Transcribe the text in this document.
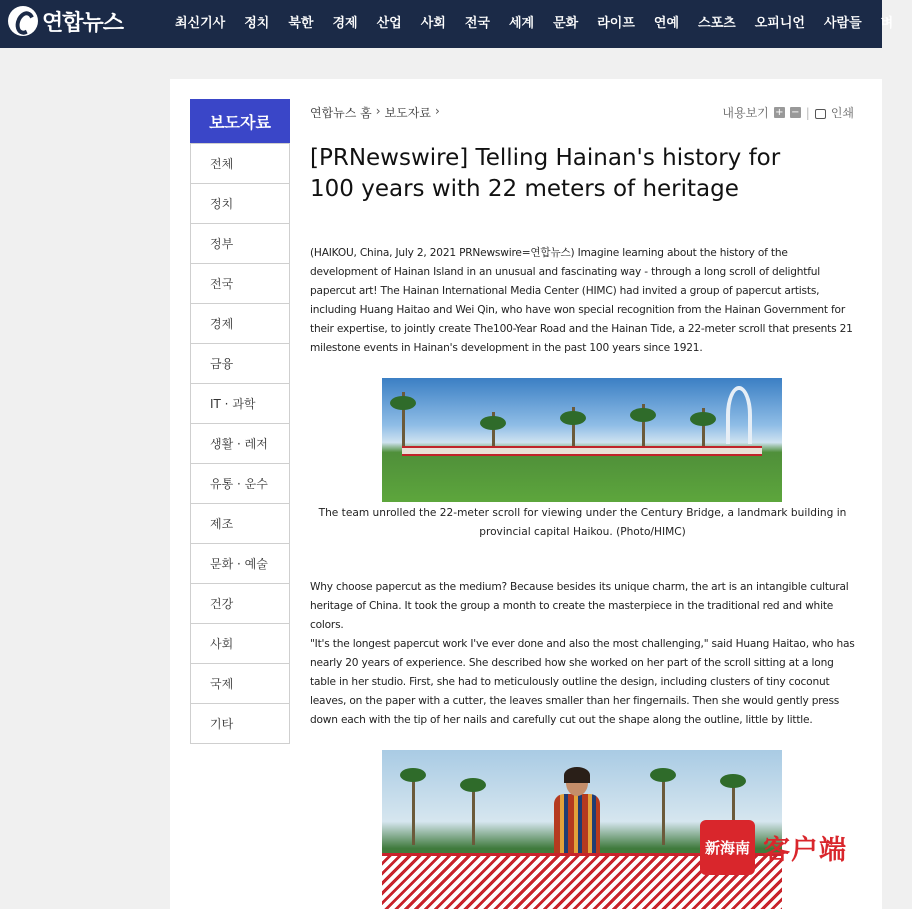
연합뉴스	최신기사 정치 북한 경제 산업 사회 전국 세계 문화 라이프 연예 스포츠 오피니언 사람들 벼
보도자료
전체
정치
정부
전국
경제
금융
IT · 과학
생활 · 레저
유통 · 운수
제조
문화 · 예술
건강
사회
국제
기타
연합뉴스 홈 › 보도자료 ›	내용보기 + − | 인쇄
[PRNewswire] Telling Hainan's history for 100 years with 22 meters of heritage

(HAIKOU, China, July 2, 2021 PRNewswire=연합뉴스) Imagine learning about the history of the development of Hainan Island in an unusual and fascinating way - through a long scroll of delightful papercut art! The Hainan International Media Center (HIMC) had invited a group of papercut artists, including Huang Haitao and Wei Qin, who have won special recognition from the Hainan Government for their expertise, to jointly create The100-Year Road and the Hainan Tide, a 22-meter scroll that presents 21 milestone events in Hainan's development in the past 100 years since 1921.

The team unrolled the 22-meter scroll for viewing under the Century Bridge, a landmark building in provincial capital Haikou. (Photo/HIMC)

Why choose papercut as the medium? Because besides its unique charm, the art is an intangible cultural heritage of China. It took the group a month to create the masterpiece in the traditional red and white colors.

"It's the longest papercut work I've ever done and also the most challenging," said Huang Haitao, who has nearly 20 years of experience. She described how she worked on her part of the scroll sitting at a long table in her studio. First, she had to meticulously outline the design, including clusters of tiny coconut leaves, on the paper with a cutter, the leaves smaller than her fingernails. Then she would gently press down each with the tip of her nails and carefully cut out the shape along the outline, little by little.

新海南 客户端
